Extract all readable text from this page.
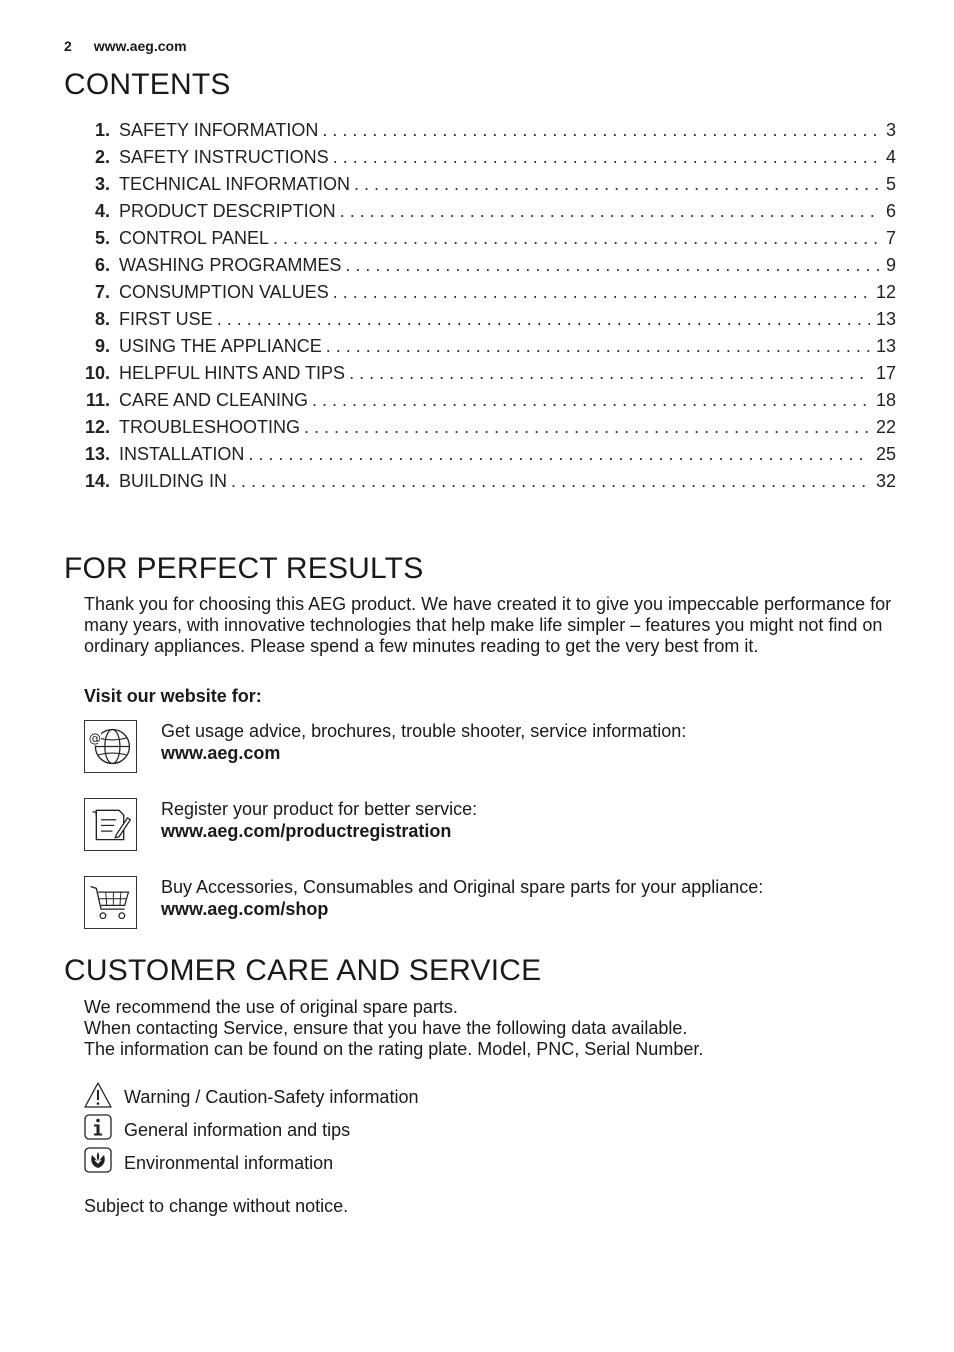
2 www.aeg.com
CONTENTS
1. SAFETY INFORMATION . . .	3
2. SAFETY INSTRUCTIONS . . .	4
3. TECHNICAL INFORMATION . . .	5
4. PRODUCT DESCRIPTION . . .	6
5. CONTROL PANEL . . .	7
6. WASHING PROGRAMMES . . .	9
7. CONSUMPTION VALUES . . .	12
8. FIRST USE . . .	13
9. USING THE APPLIANCE . . .	13
10. HELPFUL HINTS AND TIPS . . .	17
11. CARE AND CLEANING . . .	18
12. TROUBLESHOOTING . . .	22
13. INSTALLATION . . .	25
14. BUILDING IN . . .	32
FOR PERFECT RESULTS
Thank you for choosing this AEG product. We have created it to give you impeccable performance for many years, with innovative technologies that help make life simpler – features you might not find on ordinary appliances. Please spend a few minutes reading to get the very best from it.
Visit our website for:
@	Get usage advice, brochures, trouble shooter, service information:
www.aeg.com
Register your product for better service:
www.aeg.com/productregistration
Buy Accessories, Consumables and Original spare parts for your appliance:
www.aeg.com/shop
CUSTOMER CARE AND SERVICE
We recommend the use of original spare parts.
When contacting Service, ensure that you have the following data available.
The information can be found on the rating plate. Model, PNC, Serial Number.
Warning / Caution-Safety information
General information and tips
Environmental information
Subject to change without notice.
